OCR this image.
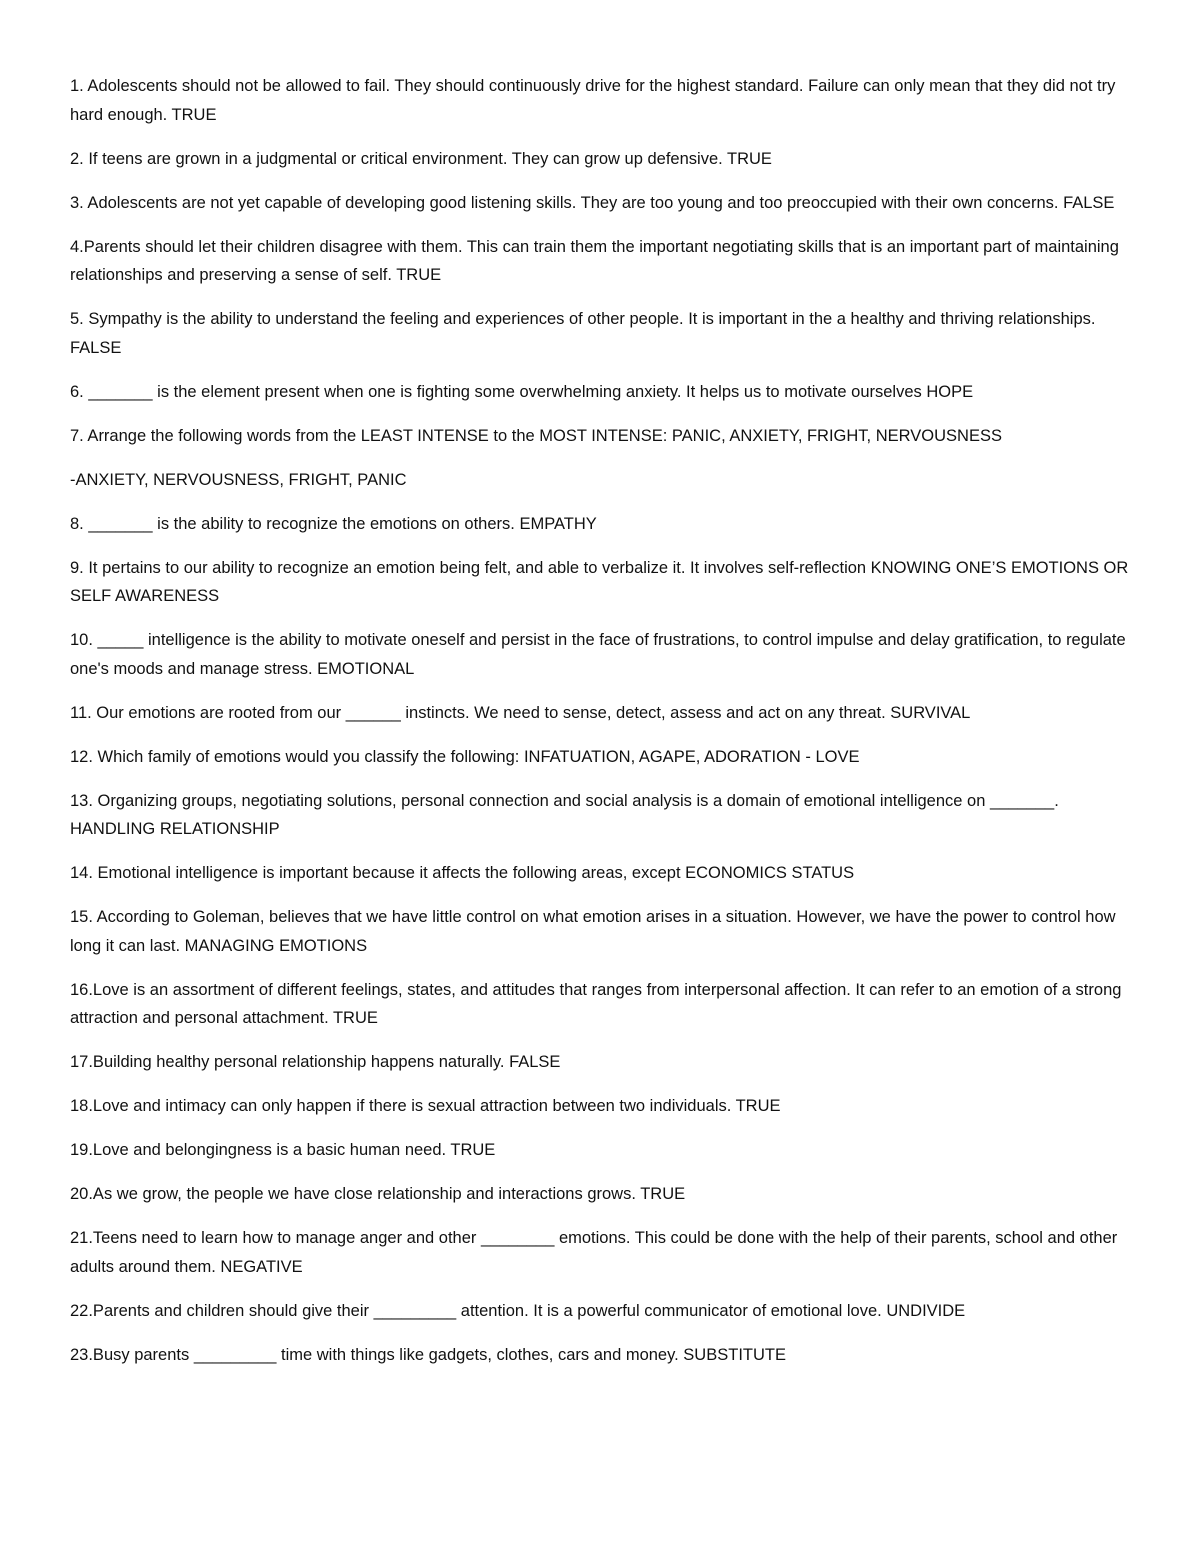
1. Adolescents should not be allowed to fail. They should continuously drive for the highest standard. Failure can only mean that they did not try hard enough. TRUE

2. If teens are grown in a judgmental or critical environment. They can grow up defensive. TRUE

3. Adolescents are not yet capable of developing good listening skills. They are too young and too preoccupied with their own concerns. FALSE

4.Parents should let their children disagree with them. This can train them the important negotiating skills that is an important part of maintaining relationships and preserving a sense of self. TRUE

5. Sympathy is the ability to understand the feeling and experiences of other people. It is important in the a healthy and thriving relationships. FALSE

6. _______ is the element present when one is fighting some overwhelming anxiety. It helps us to motivate ourselves HOPE

7. Arrange the following words from the LEAST INTENSE to the MOST INTENSE: PANIC, ANXIETY, FRIGHT, NERVOUSNESS

-ANXIETY, NERVOUSNESS, FRIGHT, PANIC

8. _______ is the ability to recognize the emotions on others. EMPATHY

9. It pertains to our ability to recognize an emotion being felt, and able to verbalize it. It involves self-reflection KNOWING ONE’S EMOTIONS OR SELF AWARENESS

10. _____ intelligence is the ability to motivate oneself and persist in the face of frustrations, to control impulse and delay gratification, to regulate one's moods and manage stress. EMOTIONAL

11. Our emotions are rooted from our ______ instincts. We need to sense, detect, assess and act on any threat. SURVIVAL

12. Which family of emotions would you classify the following: INFATUATION, AGAPE, ADORATION - LOVE

13. Organizing groups, negotiating solutions, personal connection and social analysis is a domain of emotional intelligence on _______. HANDLING RELATIONSHIP

14. Emotional intelligence is important because it affects the following areas, except ECONOMICS STATUS

15. According to Goleman, believes that we have little control on what emotion arises in a situation. However, we have the power to control how long it can last. MANAGING EMOTIONS

16.Love is an assortment of different feelings, states, and attitudes that ranges from interpersonal affection. It can refer to an emotion of a strong attraction and personal attachment. TRUE

17.Building healthy personal relationship happens naturally. FALSE

18.Love and intimacy can only happen if there is sexual attraction between two individuals. TRUE

19.Love and belongingness is a basic human need. TRUE

20.As we grow, the people we have close relationship and interactions grows. TRUE

21.Teens need to learn how to manage anger and other ________ emotions. This could be done with the help of their parents, school and other adults around them. NEGATIVE

22.Parents and children should give their _________ attention. It is a powerful communicator of emotional love. UNDIVIDE

23.Busy parents _________ time with things like gadgets, clothes, cars and money. SUBSTITUTE
